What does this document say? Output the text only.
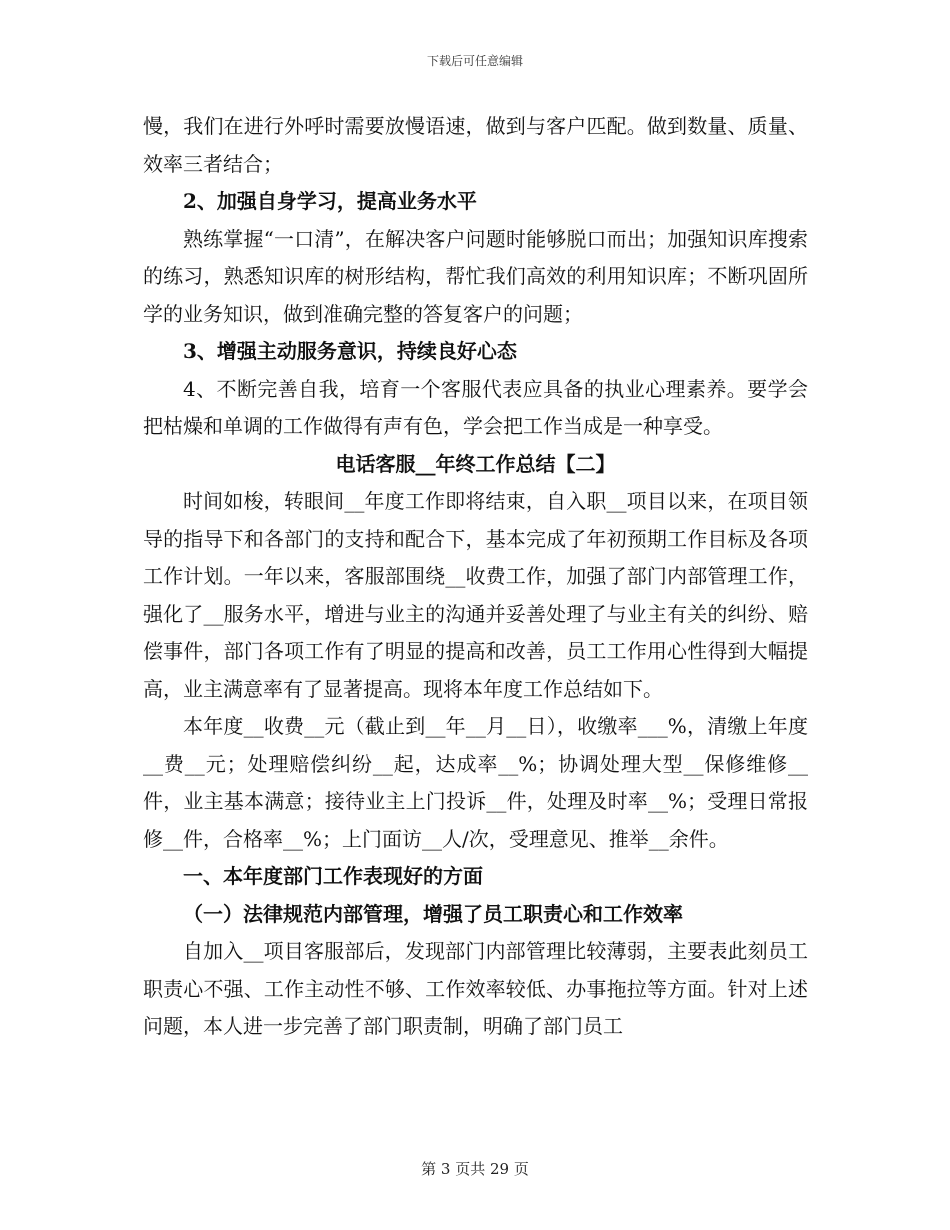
下载后可任意编辑

慢，我们在进行外呼时需要放慢语速，做到与客户匹配。做到数量、质量、效率三者结合；

2、加强自身学习，提高业务水平

熟练掌握“一口清”，在解决客户问题时能够脱口而出；加强知识库搜索的练习，熟悉知识库的树形结构，帮忙我们高效的利用知识库；不断巩固所学的业务知识，做到准确完整的答复客户的问题；

3、增强主动服务意识，持续良好心态

4、不断完善自我，培育一个客服代表应具备的执业心理素养。要学会把枯燥和单调的工作做得有声有色，学会把工作当成是一种享受。

电话客服__年终工作总结【二】

时间如梭，转眼间__年度工作即将结束，自入职__项目以来，在项目领导的指导下和各部门的支持和配合下，基本完成了年初预期工作目标及各项工作计划。一年以来，客服部围绕__收费工作，加强了部门内部管理工作，强化了__服务水平，增进与业主的沟通并妥善处理了与业主有关的纠纷、赔偿事件，部门各项工作有了明显的提高和改善，员工工作用心性得到大幅提高，业主满意率有了显著提高。现将本年度工作总结如下。

本年度__收费__元（截止到__年__月__日），收缴率___%，清缴上年度__费__元；处理赔偿纠纷__起，达成率__%；协调处理大型__保修维修__件，业主基本满意；接待业主上门投诉__件，处理及时率__%；受理日常报修__件，合格率__%；上门面访__人/次，受理意见、推举__余件。

一、本年度部门工作表现好的方面

（一）法律规范内部管理，增强了员工职责心和工作效率

自加入__项目客服部后，发现部门内部管理比较薄弱，主要表此刻员工职责心不强、工作主动性不够、工作效率较低、办事拖拉等方面。针对上述问题，本人进一步完善了部门职责制，明确了部门员工

第 3 页共 29 页
